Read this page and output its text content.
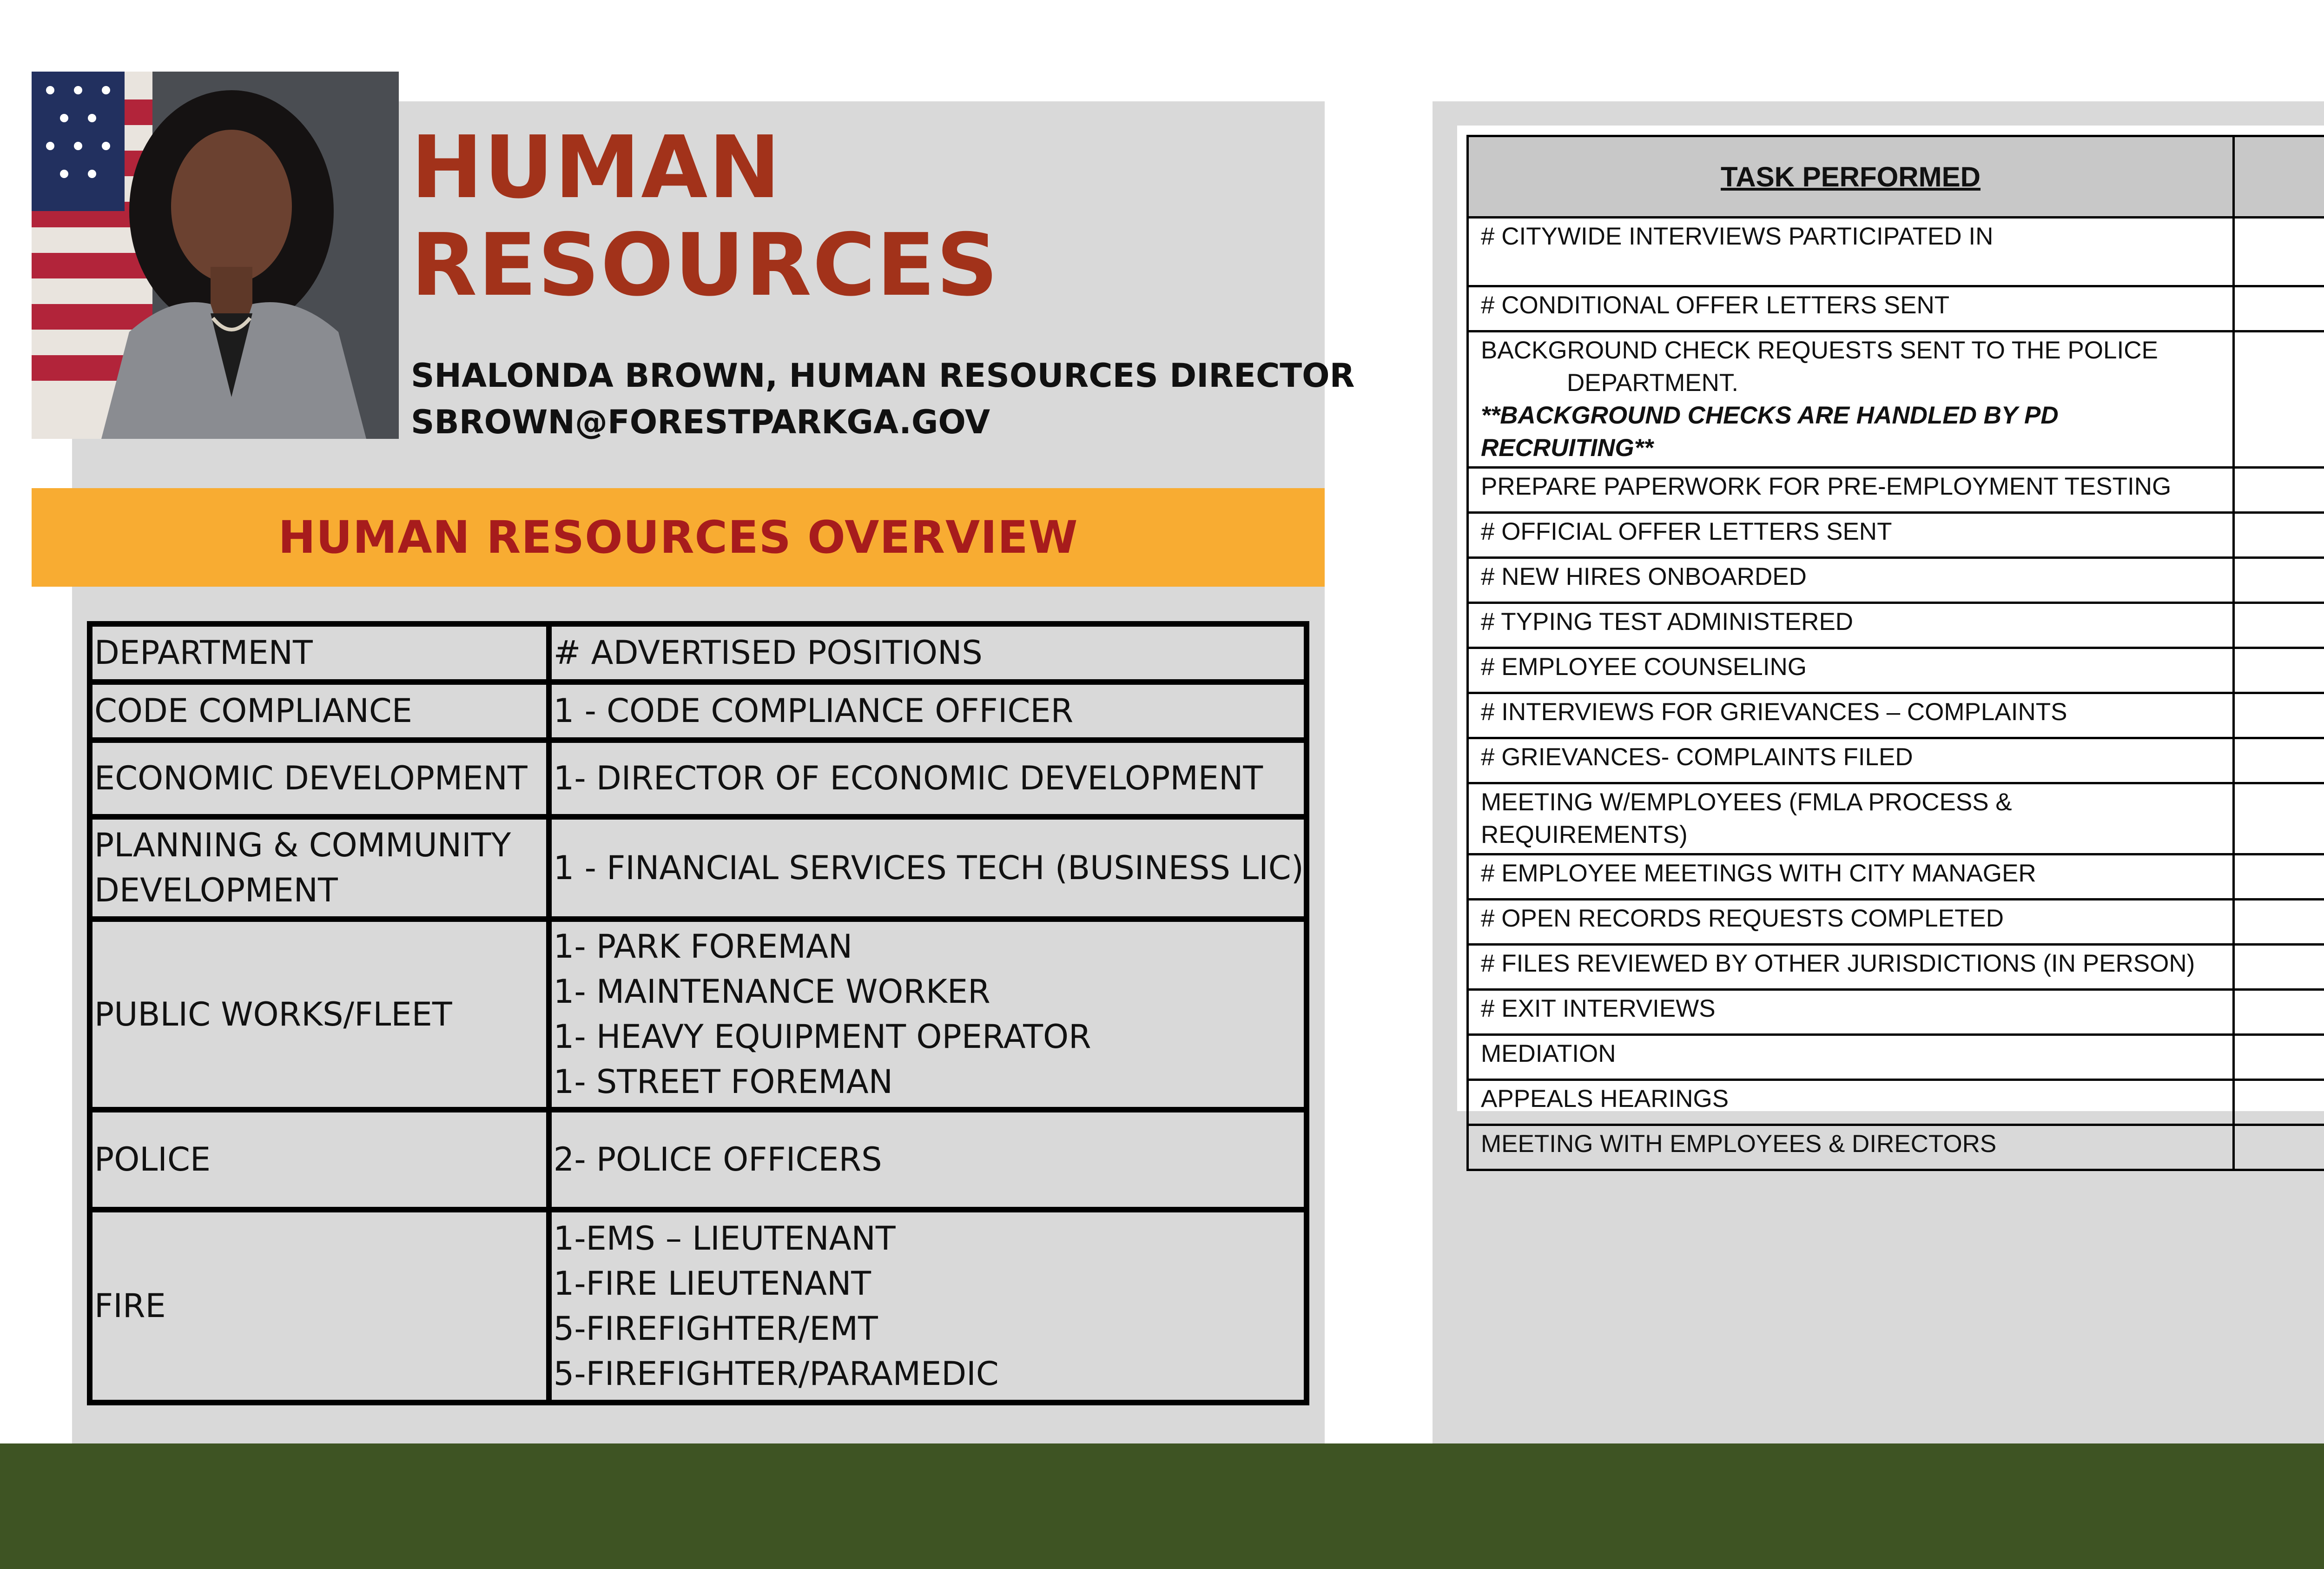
HUMAN
RESOURCES
SHALONDA BROWN, HUMAN RESOURCES DIRECTOR
SBROWN@FORESTPARKGA.GOV
HUMAN RESOURCES OVERVIEW
DEPARTMENT	# ADVERTISED POSITIONS

CODE COMPLIANCE	1 - CODE COMPLIANCE OFFICER

ECONOMIC DEVELOPMENT	1- DIRECTOR OF ECONOMIC DEVELOPMENT

PLANNING & COMMUNITY
DEVELOPMENT	1 - FINANCIAL SERVICES TECH (BUSINESS LIC)

PUBLIC WORKS/FLEET	1- PARK FOREMAN
1- MAINTENANCE WORKER
1- HEAVY EQUIPMENT OPERATOR
1- STREET FOREMAN

POLICE	2- POLICE OFFICERS

FIRE	1-EMS – LIEUTENANT
1-FIRE LIEUTENANT
5-FIREFIGHTER/EMT
5-FIREFIGHTER/PARAMEDIC
TASK PERFORMED	
# CITYWIDE INTERVIEWS PARTICIPATED IN	
# CONDITIONAL OFFER LETTERS SENT	
BACKGROUND CHECK REQUESTS SENT TO THE POLICE
DEPARTMENT.
**BACKGROUND CHECKS ARE HANDLED BY PD RECRUITING**

PREPARE PAPERWORK FOR PRE-EMPLOYMENT TESTING	
# OFFICIAL OFFER LETTERS SENT	
# NEW HIRES ONBOARDED	
# TYPING TEST ADMINISTERED	
# EMPLOYEE COUNSELING	
# INTERVIEWS FOR GRIEVANCES – COMPLAINTS	
# GRIEVANCES- COMPLAINTS FILED	
MEETING W/EMPLOYEES (FMLA PROCESS & REQUIREMENTS)	
# EMPLOYEE MEETINGS WITH CITY MANAGER	
# OPEN RECORDS REQUESTS COMPLETED	
# FILES REVIEWED BY OTHER JURISDICTIONS (IN PERSON)	
# EXIT INTERVIEWS	
MEDIATION	
APPEALS HEARINGS	
MEETING WITH EMPLOYEES & DIRECTORS	
